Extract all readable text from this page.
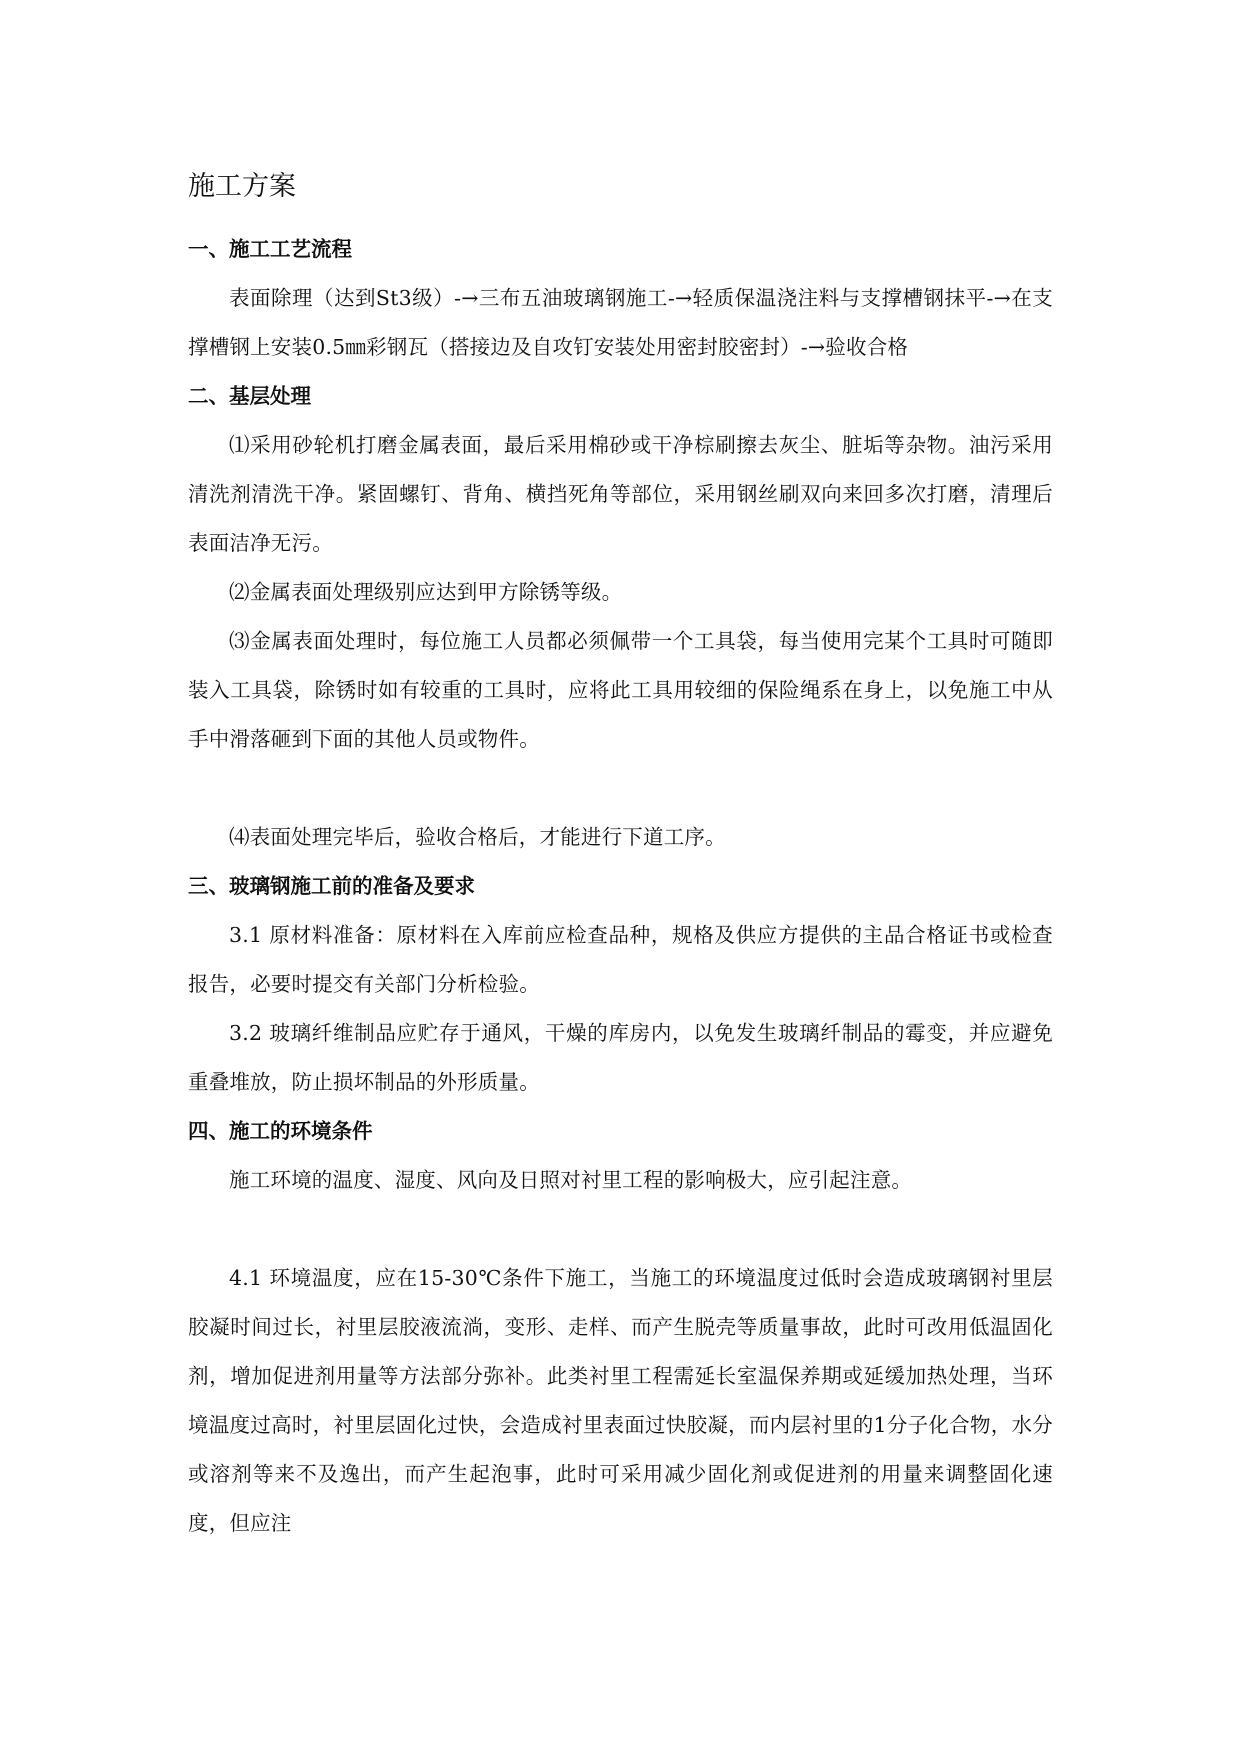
施工方案
一、施工工艺流程

表面除理（达到St3级）-→三布五油玻璃钢施工-→轻质保温浇注料与支撑槽钢抹平-→在支撑槽钢上安装0.5㎜彩钢瓦（搭接边及自攻钉安装处用密封胶密封）-→验收合格

二、基层处理

⑴采用砂轮机打磨金属表面，最后采用棉砂或干净棕刷擦去灰尘、脏垢等杂物。油污采用清洗剂清洗干净。紧固螺钉、背角、横挡死角等部位，采用钢丝刷双向来回多次打磨，清理后表面洁净无污。

⑵金属表面处理级别应达到甲方除锈等级。

⑶金属表面处理时，每位施工人员都必须佩带一个工具袋，每当使用完某个工具时可随即装入工具袋，除锈时如有较重的工具时，应将此工具用较细的保险绳系在身上，以免施工中从手中滑落砸到下面的其他人员或物件。

⑷表面处理完毕后，验收合格后，才能进行下道工序。

三、玻璃钢施工前的准备及要求

3.1 原材料准备：原材料在入库前应检查品种，规格及供应方提供的主品合格证书或检查报告，必要时提交有关部门分析检验。

3.2 玻璃纤维制品应贮存于通风，干燥的库房内，以免发生玻璃纤制品的霉变，并应避免重叠堆放，防止损坏制品的外形质量。

四、施工的环境条件

施工环境的温度、湿度、风向及日照对衬里工程的影响极大，应引起注意。

4.1 环境温度，应在15-30℃条件下施工，当施工的环境温度过低时会造成玻璃钢衬里层胶凝时间过长，衬里层胶液流淌，变形、走样、而产生脱壳等质量事故，此时可改用低温固化剂，增加促进剂用量等方法部分弥补。此类衬里工程需延长室温保养期或延缓加热处理，当环境温度过高时，衬里层固化过快，会造成衬里表面过快胶凝，而内层衬里的1分子化合物，水分或溶剂等来不及逸出，而产生起泡事，此时可采用减少固化剂或促进剂的用量来调整固化速度，但应注
